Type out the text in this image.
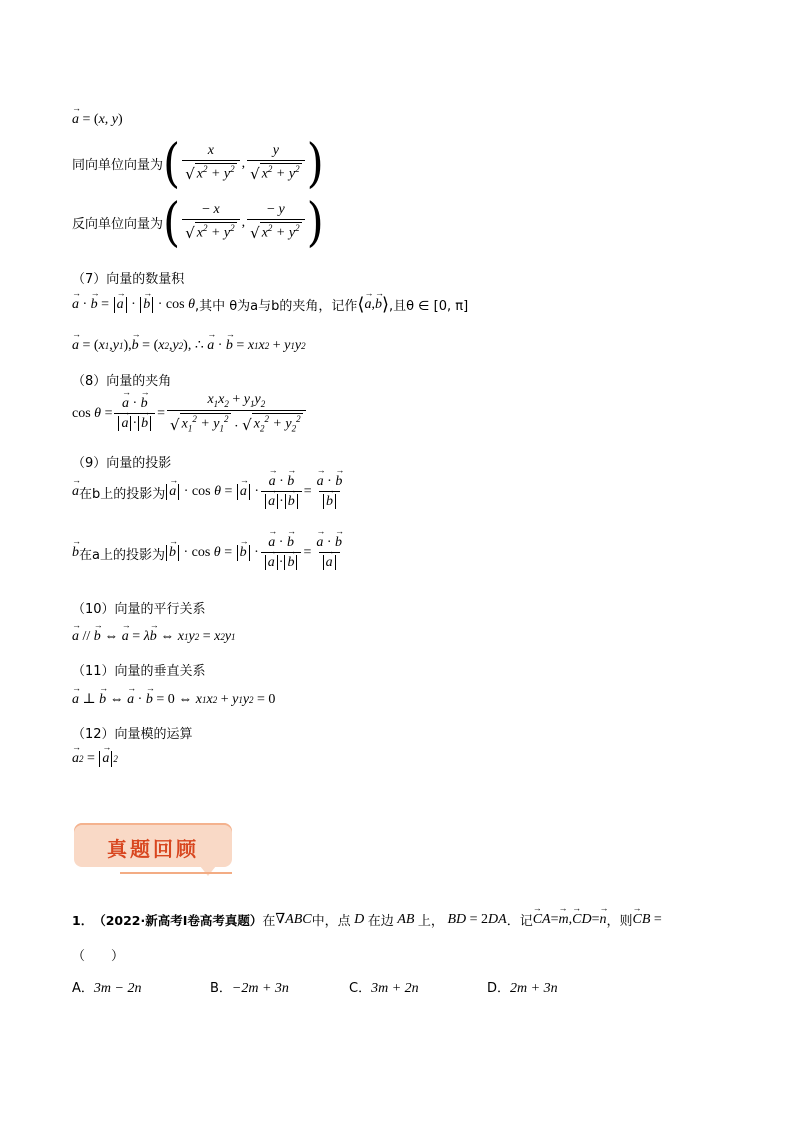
→ a = ( x, y )
同向单位向量为 ( $\frac{x}{√ x^2 + y^2}$ , $\frac{y}{√ x^2 + y^2}$ )
反向单位向量为 ( $\frac{- x}{√ x^2 + y^2}$ , $\frac{- y}{√ x^2 + y^2}$ )
（7）向量的数量积
→ a
·

→ b
=

→ a
·

→ b
· cos θ ,其中 θ为a与b的夹角，记作 ⟨
→ a ,
→ b ⟩ ,且θ ∈ [0, π]
→ a
= ( x 1 , y 1 ),
→ b
= ( x 2 , y 2 ), ∴
→ a
·

→ b
= x 1 x 2
+ y 1 y 2
（8）向量的夹角
cos θ =
→ a · → b
→ $a \cdot\to b = x_1x_2 + y_1y_2$
√ $x_1^2 + y_1^2$
· √ $x_2^2 + y_2^2$
（9）向量的投影
→ a 在b上的投影为
→ a
· cos θ =

→ a
·
→ a · → b
→ a ·→ b =
→ a · → b
→ b
→ b 在a上的投影为
→ b
· cos θ =

→ b
·
→ a · → b
→ a ·→ b =
→ a · → b
→ a
（10）向量的平行关系
→ a
//

→ b
⇔

→ a
= λ
→ b
⇔ x 1 y 2
= x 2 y 1
（11）向量的垂直关系
→ a
⊥

→ b
⇔

→ a
·

→ b
= 0 ⇔ x 1 x 2
+ y 1 y 2
= 0
（12）向量模的运算
→ a 2
=

→ a 2
真题回顾
1． （2022·新高考Ⅰ卷高考真题） 在 ∇ABC 中，点 D 在边 AB 上， BD = 2DA ．记
→ CA=→ m,→ CD=→ n ，则
→ CB =
（　　）
A．3m − 2n	B．−2m + 3n	C．3m + 2n	D．2m + 3n
